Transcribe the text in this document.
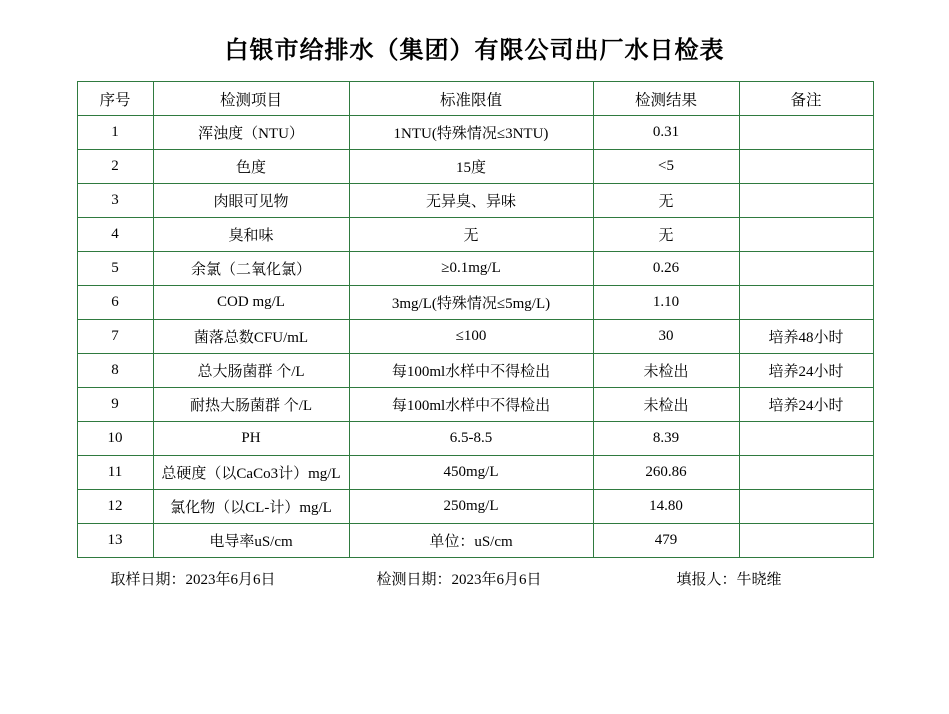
白银市给排水（集团）有限公司出厂水日检表
序号	检测项目	标准限值	检测结果	备注
1	浑浊度（NTU）	1NTU(特殊情况≤3NTU)	0.31	
2	色度	15度	<5	
3	肉眼可见物	无异臭、异味	无	
4	臭和味	无	无	
5	余氯（二氧化氯）	≥0.1mg/L	0.26	
6	COD mg/L	3mg/L(特殊情况≤5mg/L)	1.10	
7	菌落总数CFU/mL	≤100	30	培养48小时
8	总大肠菌群 个/L	每100ml水样中不得检出	未检出	培养24小时
9	耐热大肠菌群 个/L	每100ml水样中不得检出	未检出	培养24小时
10	PH	6.5-8.5	8.39	
11	总硬度（以CaCo3计）mg/L	450mg/L	260.86	
12	氯化物（以CL-计）mg/L	250mg/L	14.80	
13	电导率uS/cm	单位：uS/cm	479	
取样日期：2023年6月6日	检测日期：2023年6月6日	填报人：牛晓维
